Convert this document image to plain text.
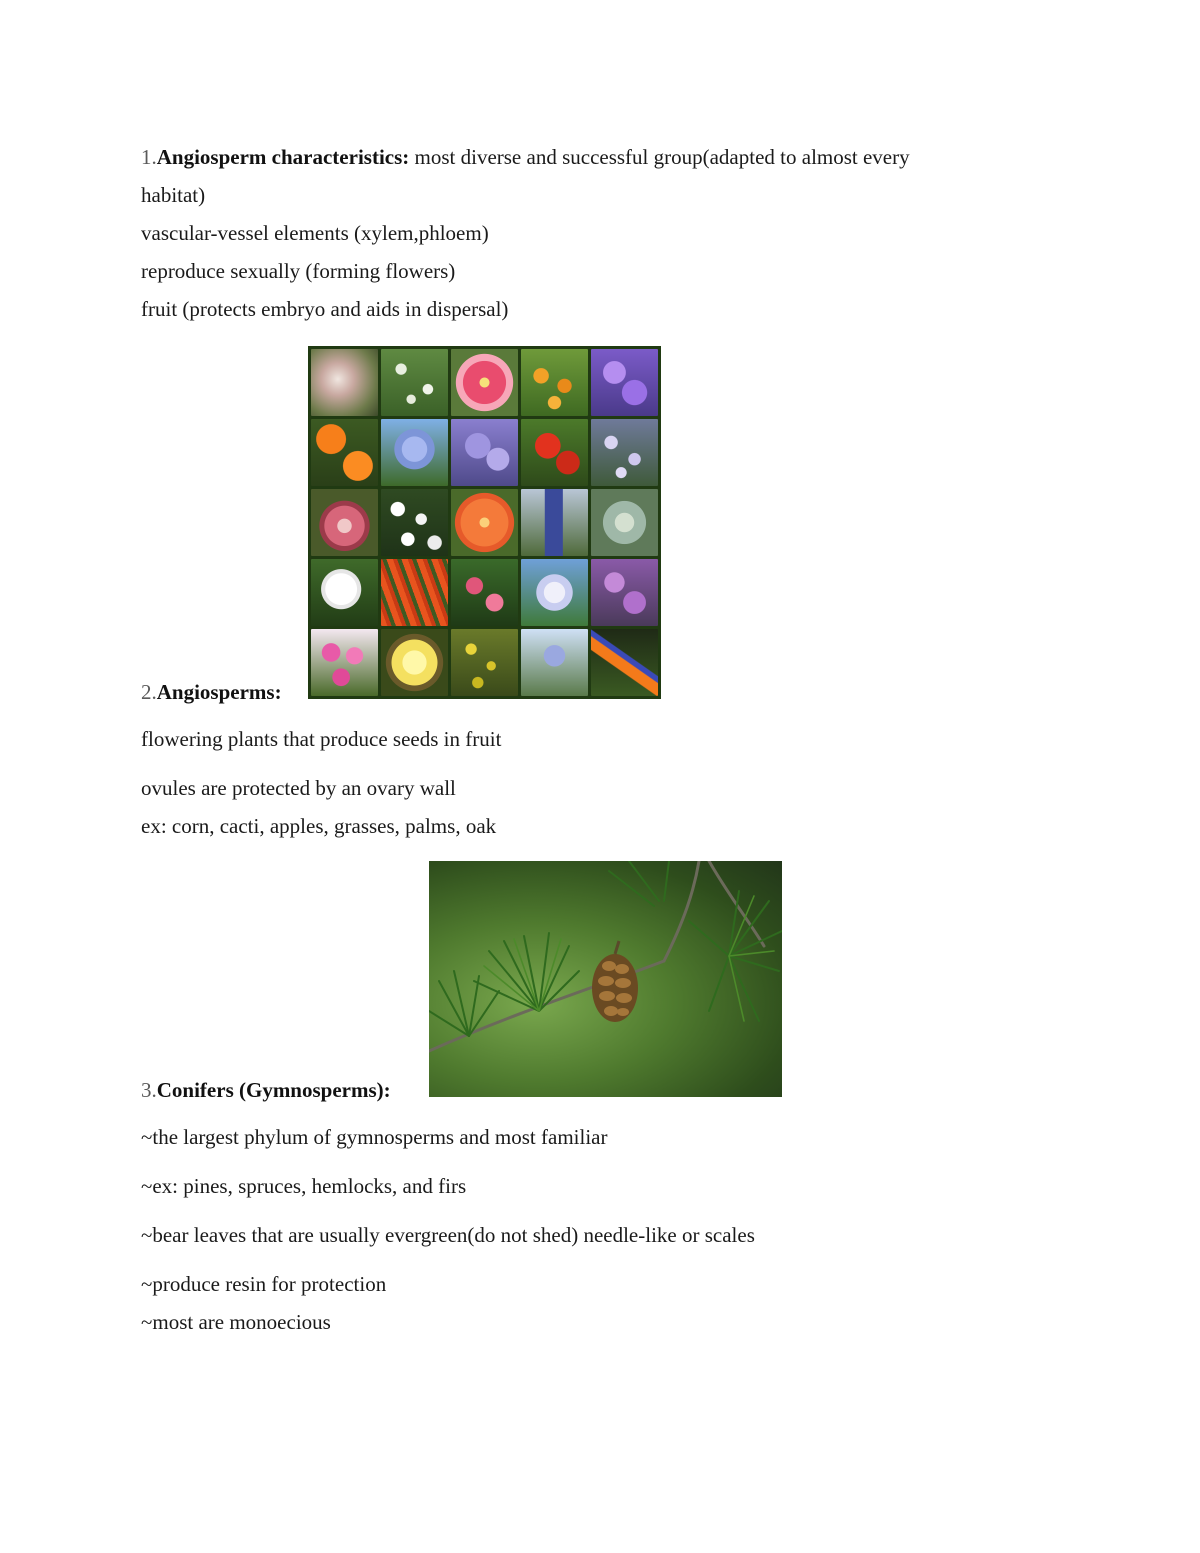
1.Angiosperm characteristics: most diverse and successful group(adapted to almost every
habitat)
vascular-vessel elements (xylem,phloem)
reproduce sexually (forming flowers)
fruit (protects embryo and aids in dispersal)
2.Angiosperms:
flowering plants that produce seeds in fruit
ovules are protected by an ovary wall
ex: corn, cacti, apples, grasses, palms, oak
3.Conifers (Gymnosperms):
~the largest phylum of gymnosperms and most familiar
~ex: pines, spruces, hemlocks, and firs
~bear leaves that are usually evergreen(do not shed) needle-like or scales
~produce resin for protection
~most are monoecious
